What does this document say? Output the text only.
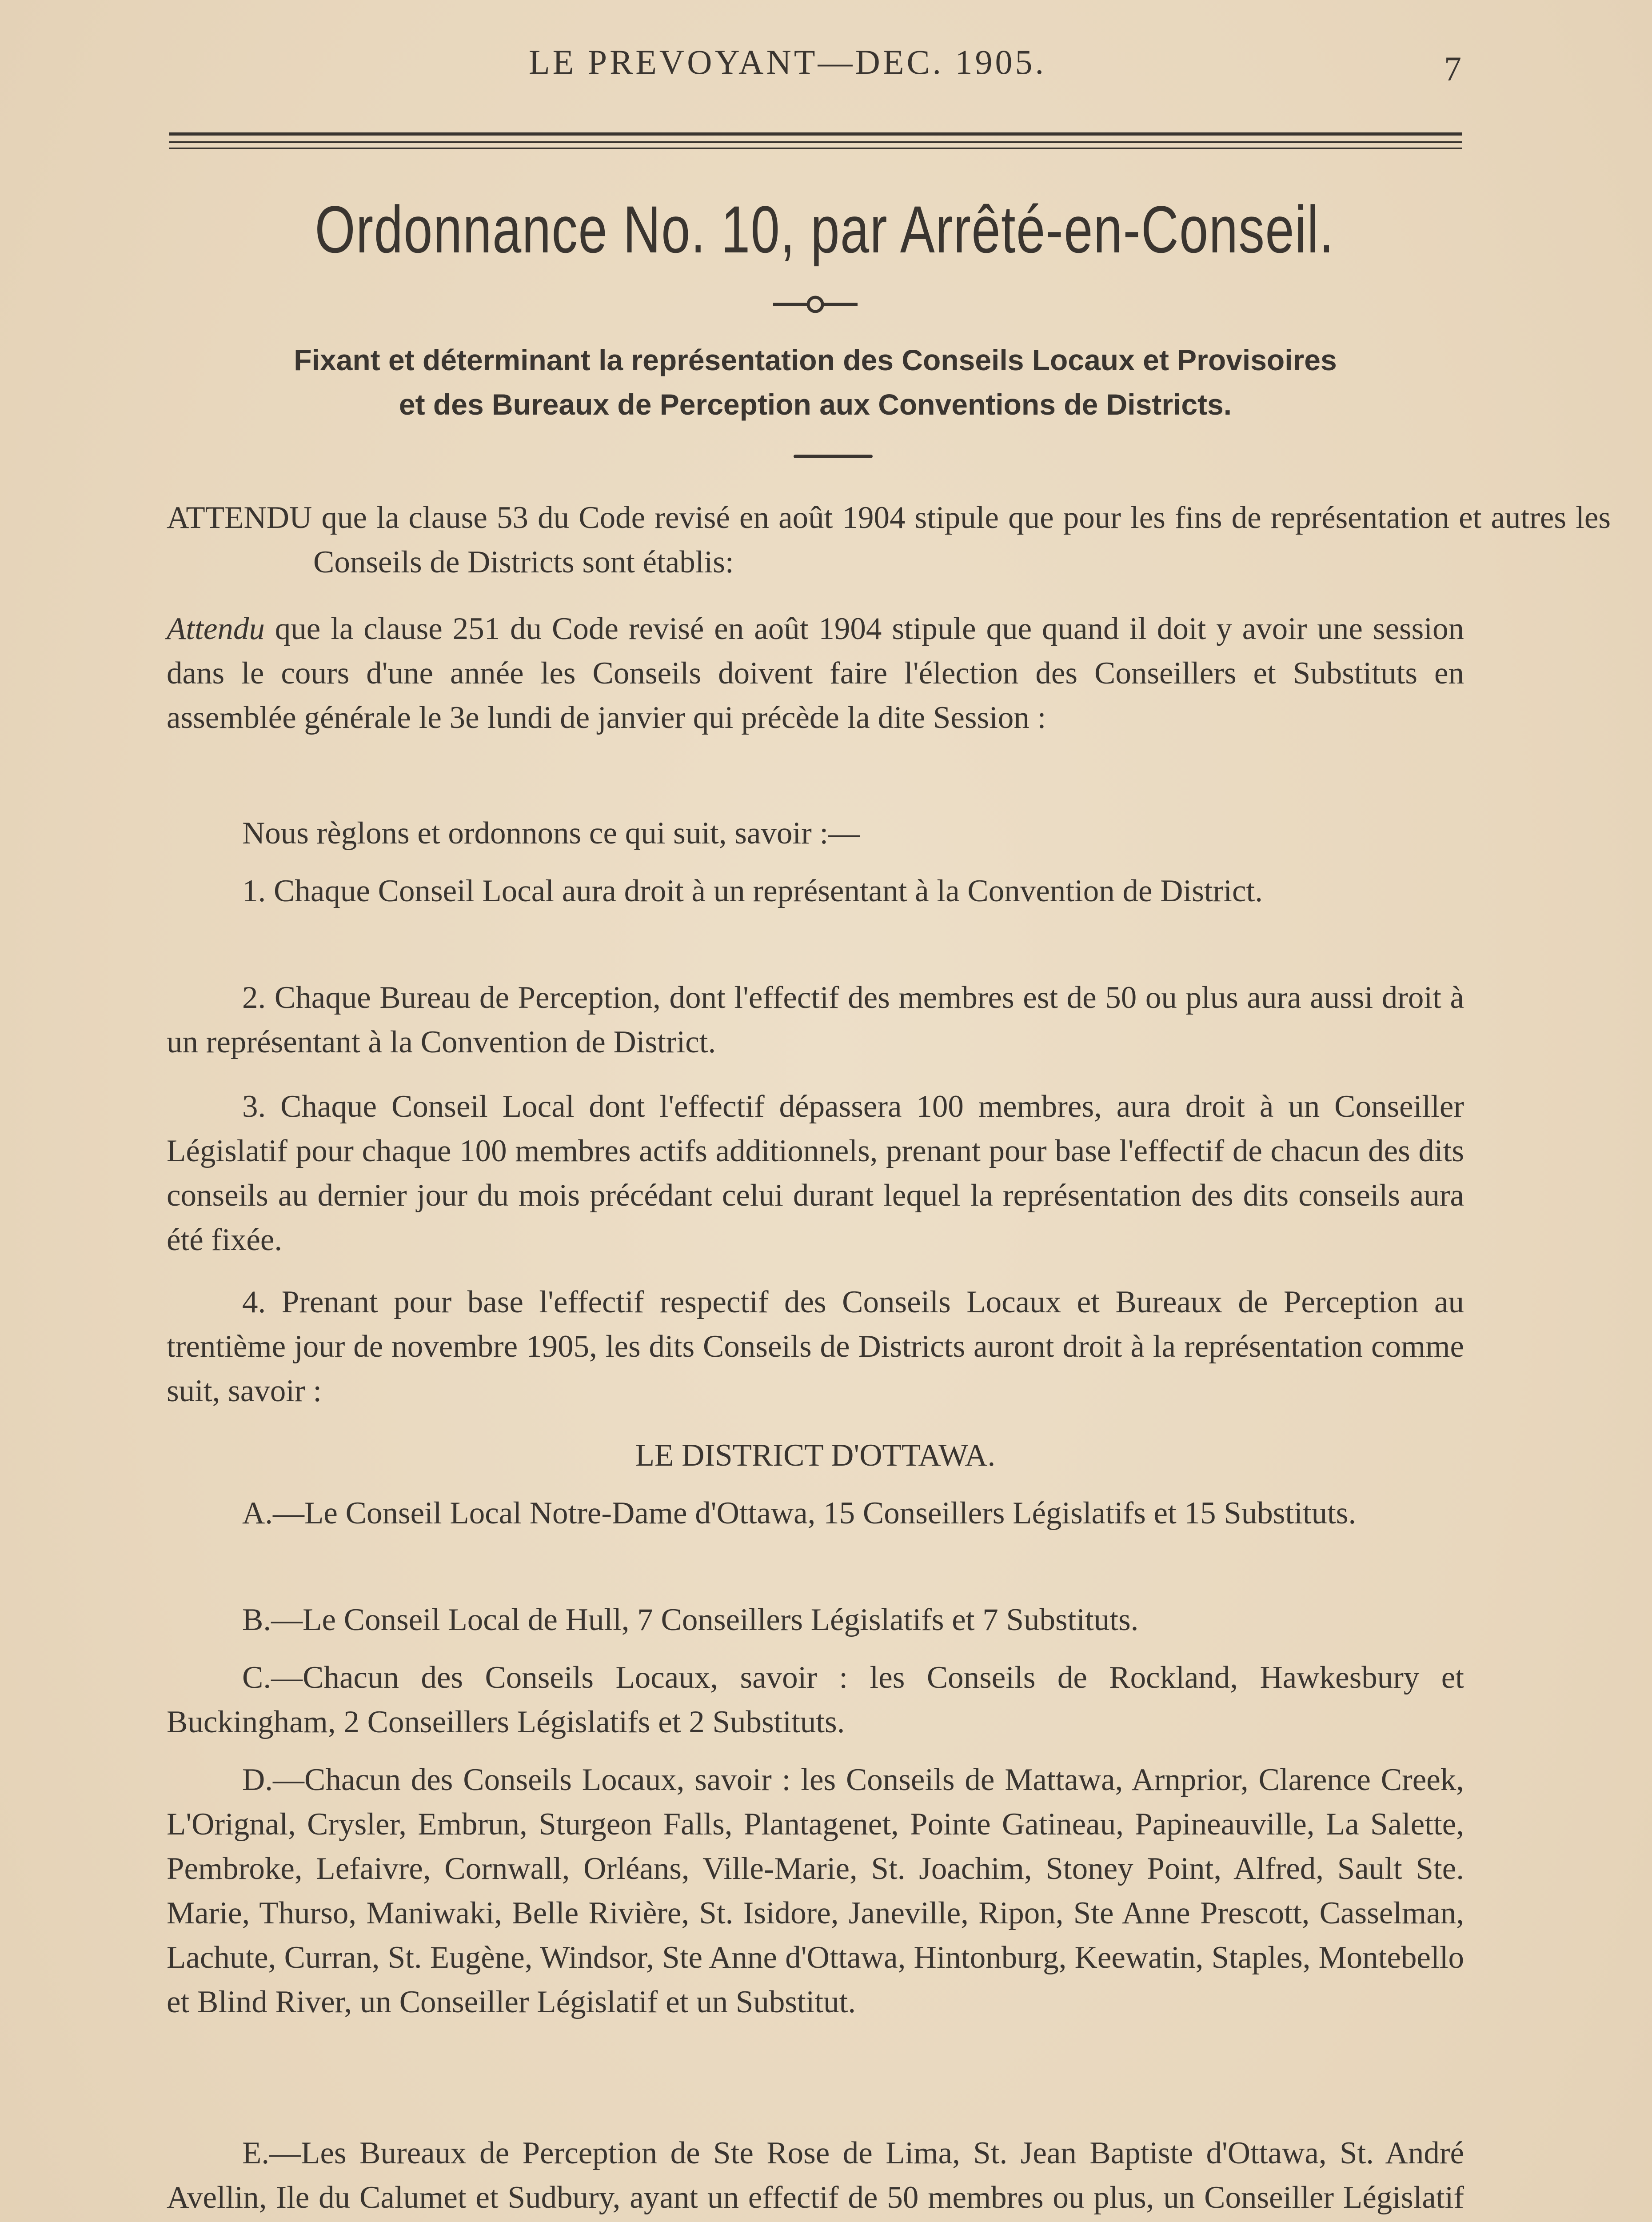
LE PREVOYANT—DEC. 1905.	7
Ordonnance No. 10, par Arrêté-en-Conseil.
Fixant et déterminant la représentation des Conseils Locaux et Provisoires
et des Bureaux de Perception aux Conventions de Districts.
ATTENDU que la clause 53 du Code revisé en août 1904 stipule que pour les fins de représentation et autres les Conseils de Districts sont établis:
Attendu que la clause 251 du Code revisé en août 1904 stipule que quand il doit y avoir une session dans le cours d'une année les Conseils doivent faire l'élection des Conseillers et Substituts en assemblée générale le 3e lundi de janvier qui précède la dite Session :
Nous règlons et ordonnons ce qui suit, savoir :—
1. Chaque Conseil Local aura droit à un représentant à la Convention de District.
2. Chaque Bureau de Perception, dont l'effectif des membres est de 50 ou plus aura aussi droit à un représentant à la Convention de District.
3. Chaque Conseil Local dont l'effectif dépassera 100 membres, aura droit à un Conseiller Législatif pour chaque 100 membres actifs additionnels, prenant pour base l'effectif de chacun des dits conseils au dernier jour du mois précédant celui durant lequel la représentation des dits conseils aura été fixée.
4. Prenant pour base l'effectif respectif des Conseils Locaux et Bureaux de Perception au trentième jour de novembre 1905, les dits Conseils de Districts auront droit à la représentation comme suit, savoir :
LE DISTRICT D'OTTAWA.
A.—Le Conseil Local Notre-Dame d'Ottawa, 15 Conseillers Législatifs et 15 Substituts.
B.—Le Conseil Local de Hull, 7 Conseillers Législatifs et 7 Substituts.
C.—Chacun des Conseils Locaux, savoir : les Conseils de Rockland, Hawkesbury et Buckingham, 2 Conseillers Législatifs et 2 Substituts.
D.—Chacun des Conseils Locaux, savoir : les Conseils de Mattawa, Arnprior, Clarence Creek, L'Orignal, Crysler, Embrun, Sturgeon Falls, Plantagenet, Pointe Gatineau, Papineauville, La Salette, Pembroke, Lefaivre, Cornwall, Orléans, Ville-Marie, St. Joachim, Stoney Point, Alfred, Sault Ste. Marie, Thurso, Maniwaki, Belle Rivière, St. Isidore, Janeville, Ripon, Ste Anne Prescott, Casselman, Lachute, Curran, St. Eugène, Windsor, Ste Anne d'Ottawa, Hintonburg, Keewatin, Staples, Montebello et Blind River, un Conseiller Législatif et un Substitut.
E.—Les Bureaux de Perception de Ste Rose de Lima, St. Jean Baptiste d'Ottawa, St. André Avellin, Ile du Calumet et Sudbury, ayant un effectif de 50 membres ou plus, un Conseiller Législatif
